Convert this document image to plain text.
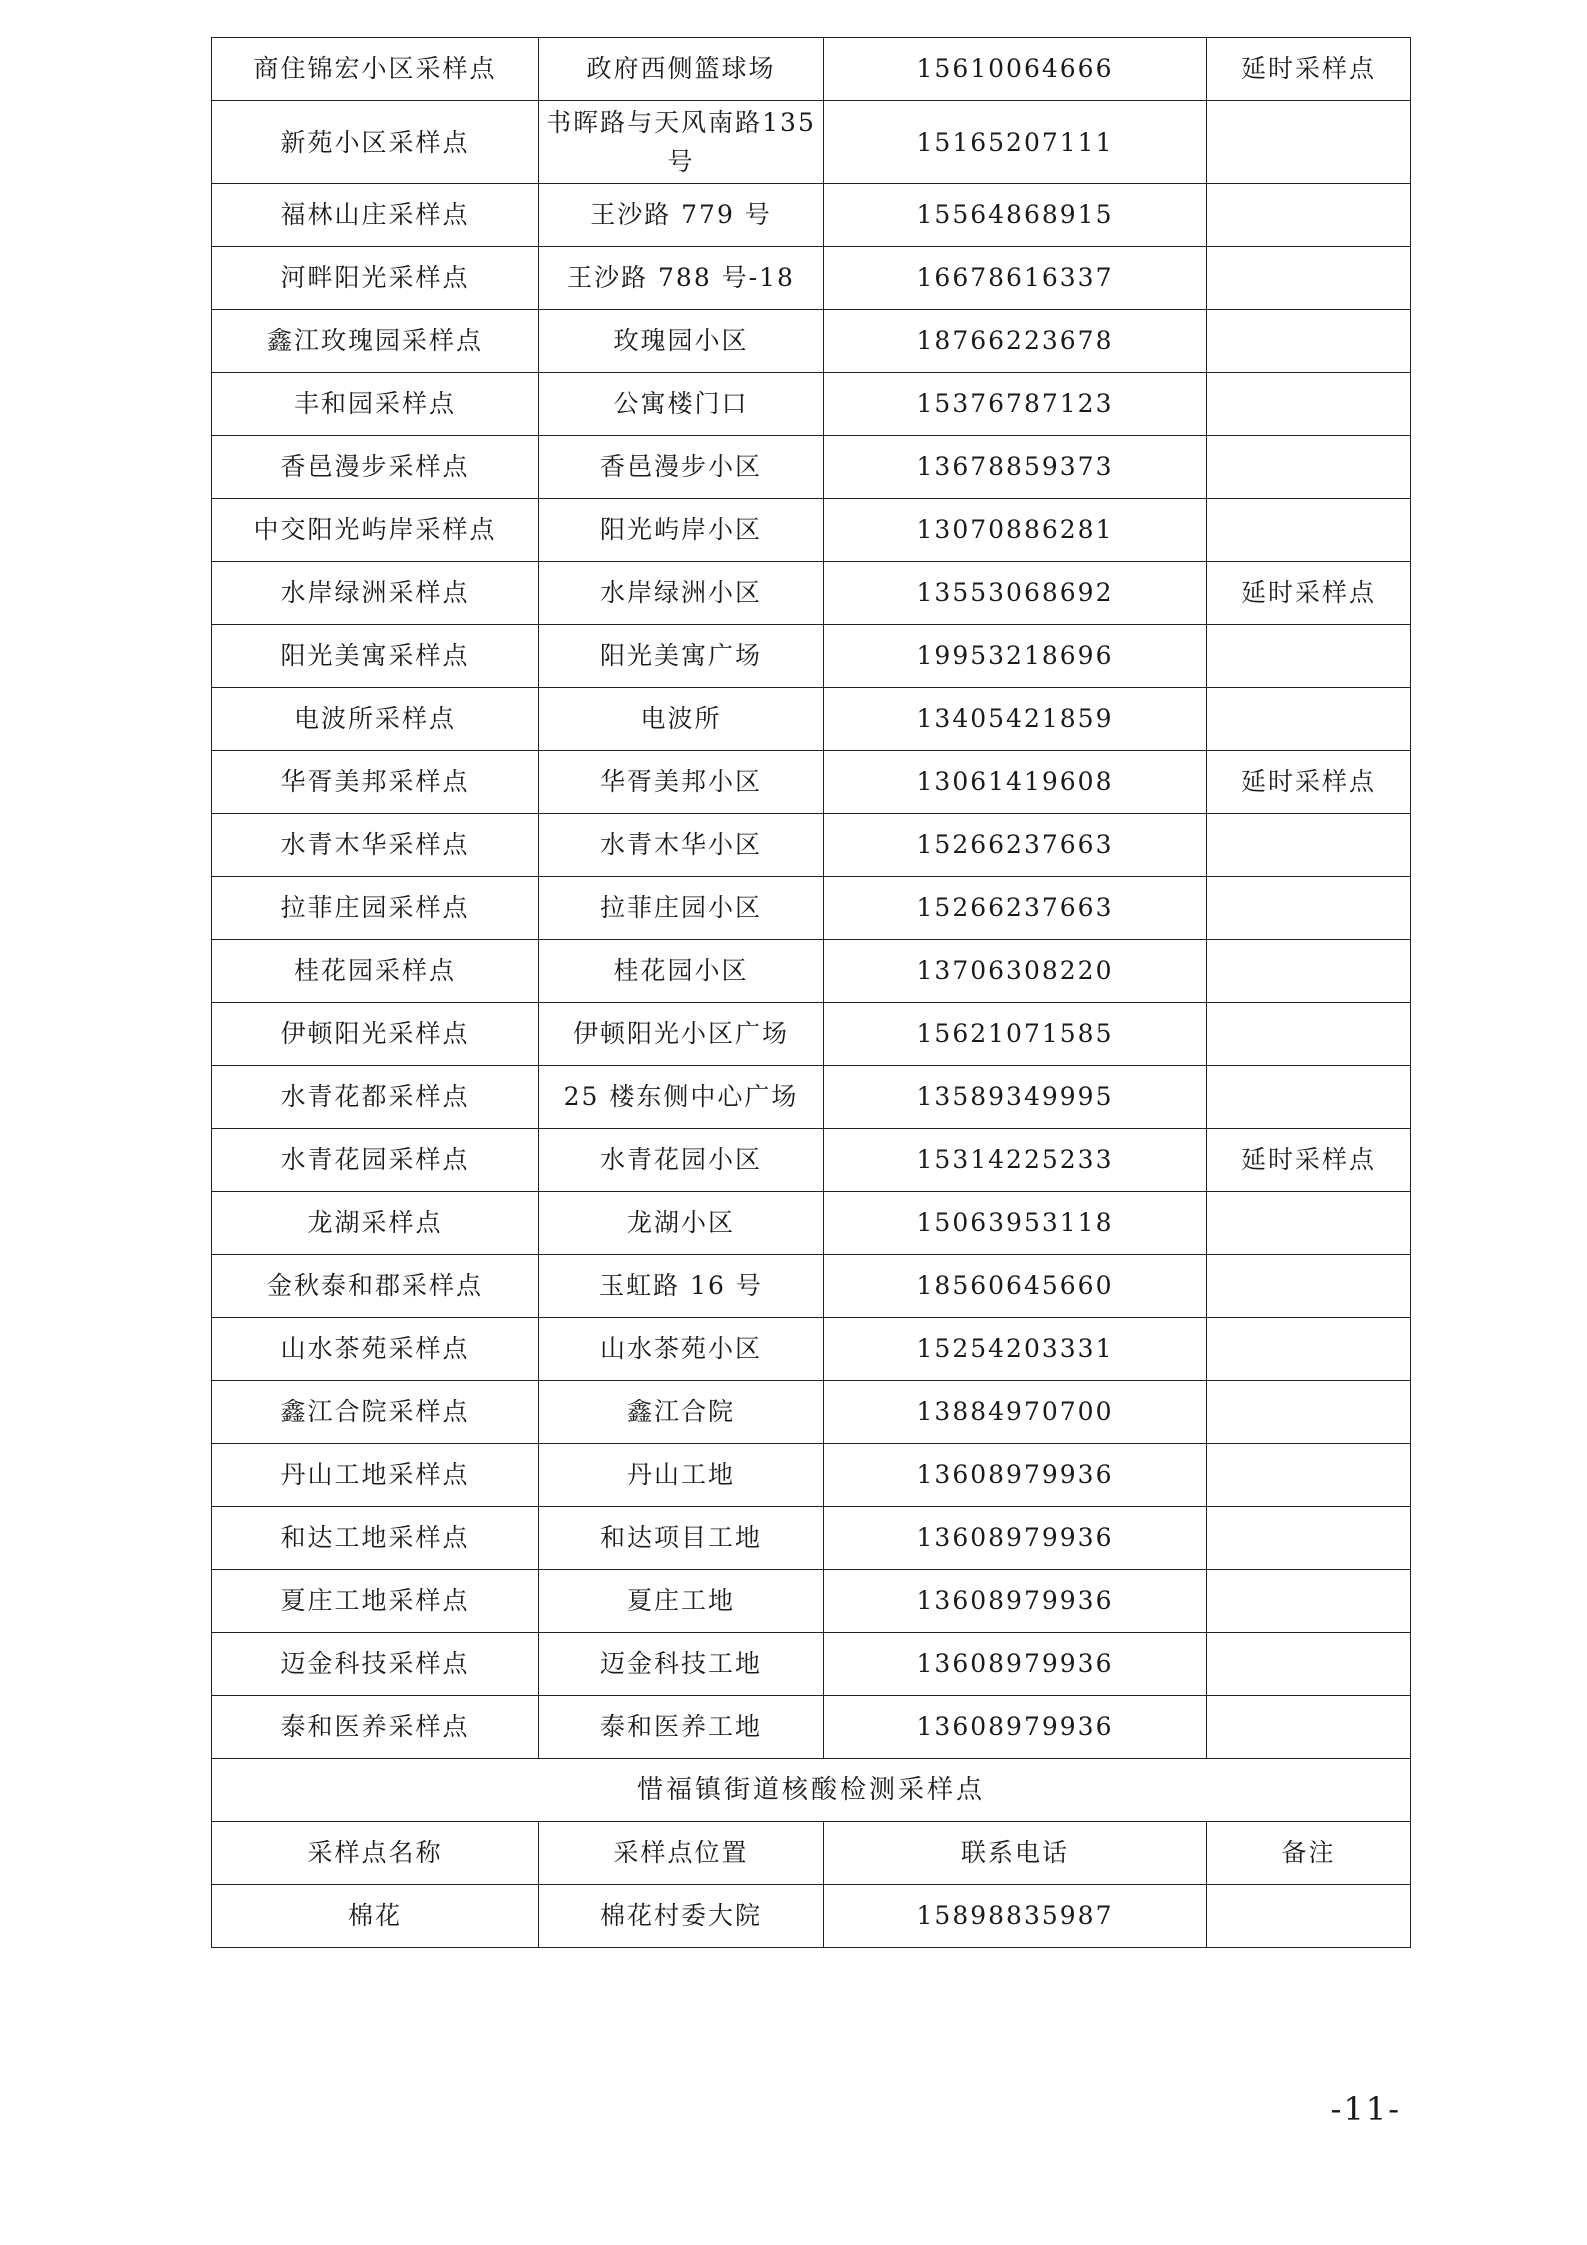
商住锦宏小区采样点	政府西侧篮球场	15610064666	延时采样点
新苑小区采样点	书晖路与天风南路135号	15165207111	
福林山庄采样点	王沙路 779 号	15564868915	
河畔阳光采样点	王沙路 788 号-18	16678616337	
鑫江玫瑰园采样点	玫瑰园小区	18766223678	
丰和园采样点	公寓楼门口	15376787123	
香邑漫步采样点	香邑漫步小区	13678859373	
中交阳光屿岸采样点	阳光屿岸小区	13070886281	
水岸绿洲采样点	水岸绿洲小区	13553068692	延时采样点
阳光美寓采样点	阳光美寓广场	19953218696	
电波所采样点	电波所	13405421859	
华胥美邦采样点	华胥美邦小区	13061419608	延时采样点
水青木华采样点	水青木华小区	15266237663	
拉菲庄园采样点	拉菲庄园小区	15266237663	
桂花园采样点	桂花园小区	13706308220	
伊顿阳光采样点	伊顿阳光小区广场	15621071585	
水青花都采样点	25 楼东侧中心广场	13589349995	
水青花园采样点	水青花园小区	15314225233	延时采样点
龙湖采样点	龙湖小区	15063953118	
金秋泰和郡采样点	玉虹路 16 号	18560645660	
山水茶苑采样点	山水茶苑小区	15254203331	
鑫江合院采样点	鑫江合院	13884970700	
丹山工地采样点	丹山工地	13608979936	
和达工地采样点	和达项目工地	13608979936	
夏庄工地采样点	夏庄工地	13608979936	
迈金科技采样点	迈金科技工地	13608979936	
泰和医养采样点	泰和医养工地	13608979936	
惜福镇街道核酸检测采样点			
采样点名称	采样点位置	联系电话	备注
棉花	棉花村委大院	15898835987	
-11-
